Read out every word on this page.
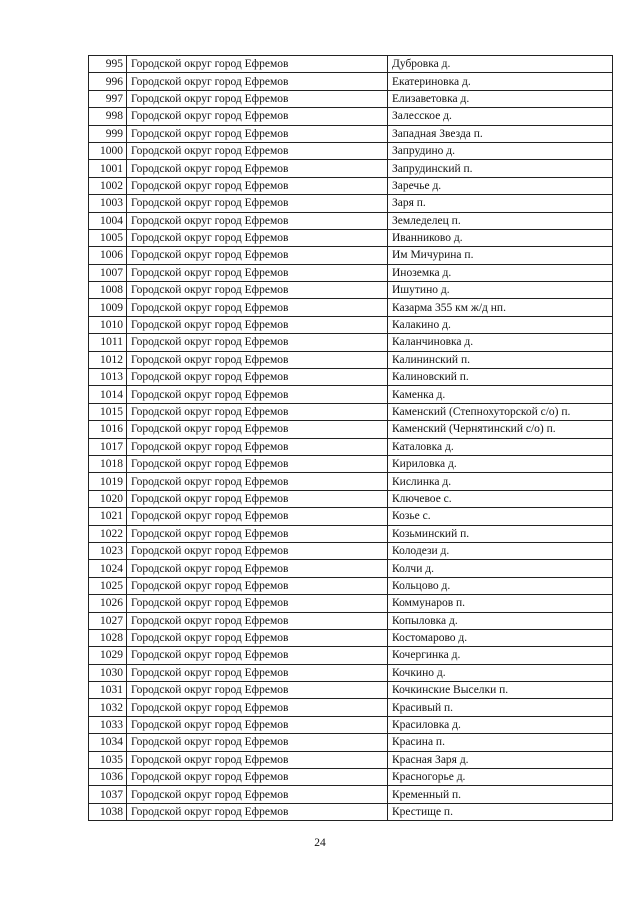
995	Городской округ город Ефремов	Дубровка д.
996	Городской округ город Ефремов	Екатериновка д.
997	Городской округ город Ефремов	Елизаветовка д.
998	Городской округ город Ефремов	Залесское д.
999	Городской округ город Ефремов	Западная Звезда п.
1000	Городской округ город Ефремов	Запрудино д.
1001	Городской округ город Ефремов	Запрудинский п.
1002	Городской округ город Ефремов	Заречье д.
1003	Городской округ город Ефремов	Заря п.
1004	Городской округ город Ефремов	Земледелец п.
1005	Городской округ город Ефремов	Иванниково д.
1006	Городской округ город Ефремов	Им Мичурина п.
1007	Городской округ город Ефремов	Иноземка д.
1008	Городской округ город Ефремов	Ишутино д.
1009	Городской округ город Ефремов	Казарма 355 км ж/д нп.
1010	Городской округ город Ефремов	Калакино д.
1011	Городской округ город Ефремов	Каланчиновка д.
1012	Городской округ город Ефремов	Калининский п.
1013	Городской округ город Ефремов	Калиновский п.
1014	Городской округ город Ефремов	Каменка д.
1015	Городской округ город Ефремов	Каменский (Степнохуторской с/о) п.
1016	Городской округ город Ефремов	Каменский (Чернятинский с/о) п.
1017	Городской округ город Ефремов	Каталовка д.
1018	Городской округ город Ефремов	Кириловка д.
1019	Городской округ город Ефремов	Кислинка д.
1020	Городской округ город Ефремов	Ключевое с.
1021	Городской округ город Ефремов	Козье с.
1022	Городской округ город Ефремов	Козьминский п.
1023	Городской округ город Ефремов	Колодези д.
1024	Городской округ город Ефремов	Колчи д.
1025	Городской округ город Ефремов	Кольцово д.
1026	Городской округ город Ефремов	Коммунаров п.
1027	Городской округ город Ефремов	Копыловка д.
1028	Городской округ город Ефремов	Костомарово д.
1029	Городской округ город Ефремов	Кочергинка д.
1030	Городской округ город Ефремов	Кочкино д.
1031	Городской округ город Ефремов	Кочкинские Выселки п.
1032	Городской округ город Ефремов	Красивый п.
1033	Городской округ город Ефремов	Красиловка д.
1034	Городской округ город Ефремов	Красина п.
1035	Городской округ город Ефремов	Красная Заря д.
1036	Городской округ город Ефремов	Красногорье д.
1037	Городской округ город Ефремов	Кременный п.
1038	Городской округ город Ефремов	Крестище п.
24
